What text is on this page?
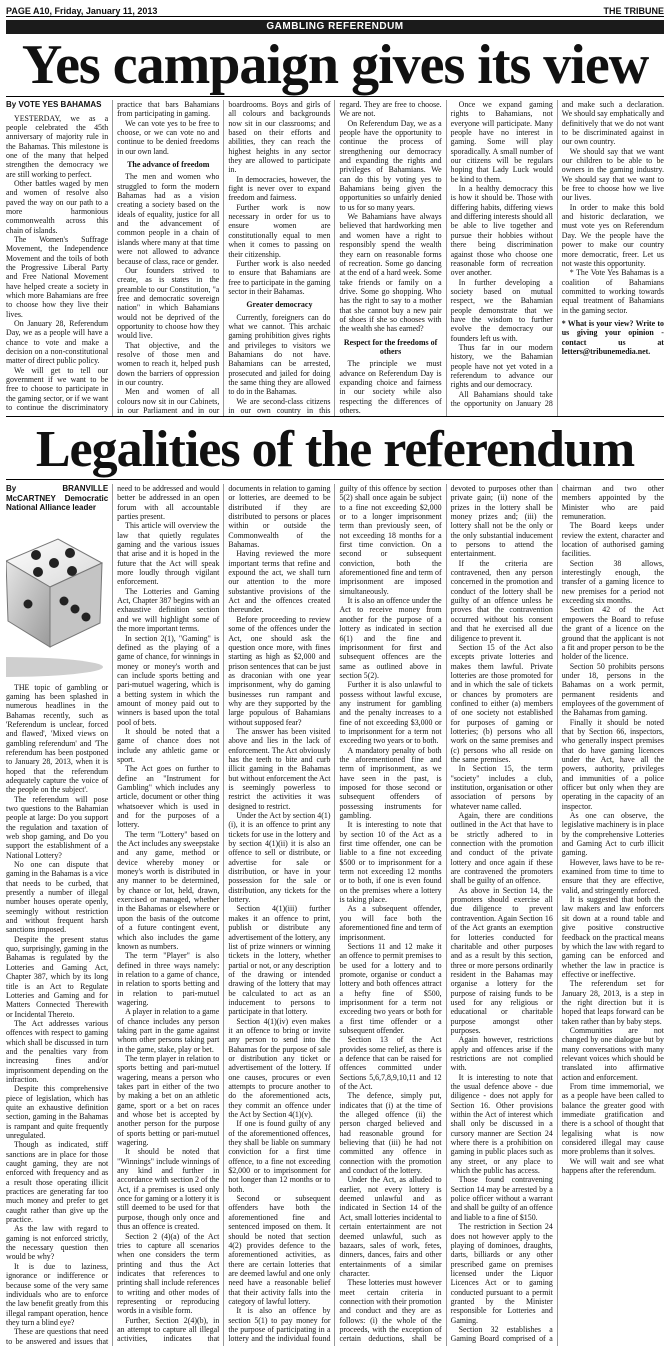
PAGE A10, Friday, January 11, 2013	THE TRIBUNE
GAMBLING REFERENDUM
Yes campaign gives its view
By VOTE YES BAHAMAS

YESTERDAY, we as a people celebrated the 45th anniversary of majority rule in the Bahamas. This milestone is one of the many that helped strengthen the democracy we are still working to perfect.

Other battles waged by men and women of resolve also paved the way on our path to a more harmonious commonwealth across this chain of islands.

The Women's Suffrage Movement, the Independence Movement and the toils of both the Progressive Liberal Party and Free National Movement have helped create a society in which more Bahamians are free to choose how they live their lives.

On January 28, Referendum Day, we as a people will have a chance to vote and make a decision on a non-constitutional matter of direct public policy.

We will get to tell our government if we want to be free to choose to participate in the gaming sector, or if we want to continue the discriminatory practice that bars Bahamians from participating in gaming.

We can vote yes to be free to choose, or we can vote no and continue to be denied freedoms in our own land.

The advance of freedom

The men and women who struggled to form the modern Bahamas had as a vision creating a society based on the ideals of equality, justice for all and the advancement of common people in a chain of islands where many at that time were not allowed to advance because of class, race or gender.

Our founders strived to create, as is states in the preamble to our Constitution, "a free and democratic sovereign nation" in which Bahamians would not be deprived of the opportunity to choose how they would live.

That objective, and the resolve of those men and women to reach it, helped push down the barriers of oppression in our country.

Men and women of all colours now sit in our Cabinets, in our Parliament and in our boardrooms. Boys and girls of all colours and backgrounds now sit in our classrooms; and based on their efforts and abilities, they can reach the highest heights in any sector they are allowed to participate in.

In democracies, however, the fight is never over to expand freedom and fairness.

Further work is now necessary in order for us to ensure women are constitutionally equal to men when it comes to passing on their citizenship.

Further work is also needed to ensure that Bahamians are free to participate in the gaming sector in their Bahamas.

Greater democracy

Currently, foreigners can do what we cannot. This archaic gaming prohibition gives rights and privileges to visitors we Bahamians do not have. Bahamians can be arrested, prosecuted and jailed for doing the same thing they are allowed to do in the Bahamas.

We are second-class citizens in our own country in this regard. They are free to choose. We are not.

On Referendum Day, we as a people have the opportunity to continue the process of strengthening our democracy and expanding the rights and privileges of Bahamians. We can do this by voting yes to Bahamians being given the opportunities so unfairly denied to us for so many years.

We Bahamians have always believed that hardworking men and women have a right to responsibly spend the wealth they earn on reasonable forms of recreation. Some go dancing at the end of a hard week. Some take friends or family on a drive. Some go shopping. Who has the right to say to a mother that she cannot buy a new pair of shoes if she so chooses with the wealth she has earned?

Respect for the freedoms of others

The principle we must advance on Referendum Day is expanding choice and fairness in our society while also respecting the differences of others.

Once we expand gaming rights to Bahamians, not everyone will participate. Many people have no interest in gaming. Some will play sporadically. A small number of our citizens will be regulars hoping that Lady Luck would be kind to them.

In a healthy democracy this is how it should be. Those with differing habits, differing views and differing interests should all be able to live together and pursue their hobbies without there being discrimination against those who choose one reasonable form of recreation over another.

In further developing a society based on mutual respect, we the Bahamian people demonstrate that we have the wisdom to further evolve the democracy our founders left us with.

Thus far in our modern history, we the Bahamian people have not yet voted in a referendum to advance our rights and our democracy.

All Bahamians should take the opportunity on January 28 and make such a declaration. We should say emphatically and definitively that we do not want to be discriminated against in our own country.

We should say that we want our children to be able to be owners in the gaming industry. We should say that we want to be free to choose how we live our lives.

In order to make this bold and historic declaration, we must vote yes on Referendum Day. We the people have the power to make our country more democratic, freer. Let us not waste this opportunity.

* The Vote Yes Bahamas is a coalition of Bahamians committed to working towards equal treatment of Bahamians in the gaming sector.

* What is your view? Write to us giving your opinion - contact us at letters@tribunemedia.net.

Legalities of the referendum
By BRANVILLE McCARTNEY Democratic National Alliance leader

THE topic of gambling or gaming has been splashed in numerous headlines in the Bahamas recently, such as 'Referendum is unclear, forced and flawed', 'Mixed views on gambling referendum' and 'The referendum has been postponed to January 28, 2013, when it is hoped that the referendum adequately capture the voice of the people on the subject'.

The referendum will pose two questions to the Bahamian people at large: Do you support the regulation and taxation of web shop gaming, and Do you support the establishment of a National Lottery?

No one can dispute that gaming in the Bahamas is a vice that needs to be curbed, that presently a number of illegal number houses operate openly, seemingly without restriction and without frequent harsh sanctions imposed.

Despite the present status quo, surprisingly, gaming in the Bahamas is regulated by the Lotteries and Gaming Act, Chapter 387, which by its long title is an Act to Regulate Lotteries and Gaming and for Matters Connected Therewith or Incidental Thereto.

The Act addresses various offences with respect to gaming which shall be discussed in turn and the penalties vary from increasing fines and/or imprisonment depending on the infraction.

Despite this comprehensive piece of legislation, which has quite an exhaustive definition section, gaming in the Bahamas is rampant and quite frequently unregulated.

Though as indicated, stiff sanctions are in place for those caught gaming, they are not enforced with frequency and as a result those operating illicit practices are generating far too much money and prefer to get caught rather than give up the practice.

As the law with regard to gaming is not enforced strictly, the necessary question then would be why?

It is due to laziness, ignorance or indifference or because some of the very same individuals who are to enforce the law benefit greatly from this illegal rampant operation, hence they turn a blind eye?

These are questions that need to be answered and issues that need to be addressed and would better be addressed in an open forum with all accountable parties present.

This article will overview the law that quietly regulates gaming and the various issues that arise and it is hoped in the future that the Act will speak more loudly through vigilant enforcement.

The Lotteries and Gaming Act, Chapter 387 begins with an exhaustive definition section and we will highlight some of the more important terms.

In section 2(1), "Gaming" is defined as the playing of a game of chance, for winnings in money or money's worth and can include sports betting and pari-mutuel wagering, which is a betting system in which the amount of money paid out to winners is based upon the total pool of bets.

It should be noted that a game of chance does not include any athletic game or sport.

The Act goes on further to define an "Instrument for Gambling" which includes any article, document or other thing whatsoever which is used in and for the purposes of a lottery.

The term "Lottery" based on the Act includes any sweepstake and any game, method or device whereby money or money's worth is distributed in any manner to be determined, by chance or lot, held, drawn, exercised or managed, whether in the Bahamas or elsewhere or upon the basis of the outcome of a future contingent event, which also includes the game known as numbers.

The term "Player" is also defined in three ways namely: in relation to a game of chance, in relation to sports betting and in relation to pari-mutuel wagering.

A player in relation to a game of chance includes any person taking part in the game against whom other persons taking part in the game, stake, play or bet.

The term player in relation to sports betting and pari-mutuel wagering, means a person who takes part in either of the two by making a bet on an athletic game, sport or a bet on races and whose bet is accepted by another person for the purpose of sports betting or pari-mutuel wagering.

It should be noted that "Winnings" include winnings of any kind and further in accordance with section 2 of the Act, if a premises is used only once for gaming or a lottery it is still deemed to be used for that purpose, though only once and thus an offence is created.

Section 2 (4)(a) of the Act tries to capture all scenarios when one considers the term printing and thus the Act indicates that references to printing shall include references to writing and other modes of representing or reproducing words in a visible form.

Further, Section 2(4)(b), in an attempt to capture all illegal activities, indicates that documents in relation to gaming or lotteries, are deemed to be distributed if they are distributed to persons or places within or outside the Commonwealth of the Bahamas.

Having reviewed the more important terms that refine and expound the act, we shall turn our attention to the more substantive provisions of the Act and the offences created thereunder.

Before proceeding to review some of the offences under the Act, one should ask the question once more, with fines starting as high as $2,000 and prison sentences that can be just as draconian with one year imprisonment, why do gaming businesses run rampant and why are they supported by the large populous of Bahamians without supposed fear?

The answer has been visited above and lies in the lack of enforcement. The Act obviously has the teeth to bite and curb illicit gaming in the Bahamas but without enforcement the Act is seemingly powerless to restrict the activities it was designed to restrict.

Under the Act by section 4(1)(i), it is an offence to print any tickets for use in the lottery and by section 4(1)(ii) it is also an offence to sell or distribute, or advertise for sale or distribution, or have in your possession for the sale or distribution, any tickets for the lottery.

Section 4(1)(iii) further makes it an offence to print, publish or distribute any advertisement of the lottery, any list of prize winners or winning tickets in the lottery, whether partial or not, or any description of the drawing or intended drawing of the lottery that may be calculated to act as an inducement to persons to participate in that lottery.

Section 4(1)(iv) even makes it an offence to bring or invite any person to send into the Bahamas for the purpose of sale or distribution any ticket or advertisement of the lottery. If one causes, procures or even attempts to procure another to do the aforementioned acts, they commit an offence under the Act by Section 4(1)(v).

If one is found guilty of any of the aforementioned offences, they shall be liable on summary conviction for a first time offence, to a fine not exceeding $2,000 or to imprisonment for not longer than 12 months or to both.

Second or subsequent offenders have both the aforementioned fine and sentenced imposed on them. It should be noted that section 4(2) provides defence to the aforementioned activities, as there are certain lotteries that are deemed lawful and one only need have a reasonable belief that their activity falls into the category of lawful lottery.

It is also an offence by section 5(1) to pay money for the purpose of participating in a lottery and the individual found guilty of this offence by section 5(2) shall once again be subject to a fine not exceeding $2,000 or to a longer imprisonment term than previously seen, of not exceeding 18 months for a first time conviction. On a second or subsequent conviction, both the aforementioned fine and term of imprisonment are imposed simultaneously.

It is also an offence under the Act to receive money from another for the purpose of a lottery as indicated in section 6(1) and the fine and imprisonment for first and subsequent offences are the same as outlined above in section 5(2).

Further it is also unlawful to possess without lawful excuse, any instrument for gambling and the penalty increases to a fine of not exceeding $3,000 or to imprisonment for a term not exceeding two years or to both.

A mandatory penalty of both the aforementioned fine and term of imprisonment, as we have seen in the past, is imposed for those second or subsequent offenders of possessing instruments for gambling.

It is interesting to note that by section 10 of the Act as a first time offender, one can be liable to a fine not exceeding $500 or to imprisonment for a term not exceeding 12 months or to both, if one is even found on the premises where a lottery is taking place.

As a subsequent offender, you will face both the aforementioned fine and term of imprisonment.

Sections 11 and 12 make it an offence to permit premises to be used for a lottery and to promote, organise or conduct a lottery and both offences attract a hefty fine of $500, imprisonment for a term not exceeding two years or both for a first time offender or a subsequent offender.

Section 13 of the Act provides some relief, as there is a defence that can be raised for offences committed under Sections 5,6,7,8,9,10,11 and 12 of the Act.

The defence, simply put, indicates that (i) at the time of the alleged offence (ii) the person charged believed and had reasonable ground for believing that (iii) he had not committed any offence in connection with the promotion and conduct of the lottery.

Under the Act, as alluded to earlier, not every lottery is deemed unlawful and as indicated in Section 14 of the Act, small lotteries incidental to certain entertainment are not deemed unlawful, such as bazaars, sales of work, fetes, dinners, dances, fairs and other entertainments of a similar character.

These lotteries must however meet certain criteria in connection with their promotion and conduct and they are as follows: (i) the whole of the proceeds, with the exception of certain deductions, shall be devoted to purposes other than private gain; (ii) none of the prizes in the lottery shall be money prizes and; (iii) the lottery shall not be the only or the only substantial inducement to persons to attend the entertainment.

If the criteria are contravened, then any person concerned in the promotion and conduct of the lottery shall be guilty of an offence unless he proves that the contravention occurred without his consent and that he exercised all due diligence to prevent it.

Section 15 of the Act also excepts private lotteries and makes them lawful. Private lotteries are those promoted for and in which the sale of tickets or chances by promoters are confined to either (a) members of one society not established for purposes of gaming or lotteries; (b) persons who all work on the same premises and (c) persons who all reside on the same premises.

In Section 15, the term "society" includes a club, institution, organisation or other association of persons by whatever name called.

Again, there are conditions outlined in the Act that have to be strictly adhered to in connection with the promotion and conduct of the private lottery and once again if these are contravened the promoters shall be guilty of an offence.

As above in Section 14, the promoters should exercise all due diligence to prevent contravention. Again Section 16 of the Act grants an exemption for lotteries conducted for charitable and other purposes and as a result by this section, three or more persons ordinarily resident in the Bahamas may organise a lottery for the purpose of raising funds to be used for any religious or educational or charitable purpose amongst other purposes.

Again however, restrictions apply and offences arise if the restrictions are not complied with.

It is interesting to note that the usual defence above - due diligence - does not apply for Section 16. Other provisions within the Act of interest which shall only be discussed in a cursory manner are Section 24 where there is a prohibition on gaming in public places such as any street, or any place to which the public has access.

Those found contravening Section 14 may be arrested by a police officer without a warrant and shall be guilty of an offence and liable to a fine of $150.

The restriction in Section 24 does not however apply to the playing of dominoes, draughts, darts, billiards or any other prescribed game on premises licensed under the Liquor Licences Act or to gaming conducted pursuant to a permit granted by the Minister responsible for Lotteries and Gaming.

Section 32 establishes a Gaming Board comprised of a chairman and two other members appointed by the Minister who are paid remuneration.

The Board keeps under review the extent, character and location of authorised gaming facilities.

Section 38 allows, interestingly enough, the transfer of a gaming licence to new premises for a period not exceeding six months.

Section 42 of the Act empowers the Board to refuse the grant of a licence on the ground that the applicant is not a fit and proper person to be the holder of the licence.

Section 50 prohibits persons under 18, persons in the Bahamas on a work permit, permanent residents and employees of the government of the Bahamas from gaming.

Finally it should be noted that by Section 66, inspectors, who generally inspect premises that do have gaming licences under the Act, have all the powers, authority, privileges and immunities of a police officer but only when they are operating in the capacity of an inspector.

As one can observe, the legislative machinery is in place by the comprehensive Lotteries and Gaming Act to curb illicit gaming.

However, laws have to be re-examined from time to time to ensure that they are effective, valid, and stringently enforced.

It is suggested that both the law makers and law enforcers sit down at a round table and give positive constructive feedback on the practical means by which the law with regard to gaming can be enforced and whether the law in practice is effective or ineffective.

The referendum set for January 28, 2013, is a step in the right direction but it is hoped that leaps forward can be taken rather than by baby steps.

Communities are not changed by one dialogue but by many conversations with many relevant voices which should be translated into affirmative action and enforcement.

From time immemorial, we as a people have been called to balance the greater good with immediate gratification and there is a school of thought that legalising what is now considered illegal may cause more problems than it solves.

We will wait and see what happens after the referendum.
